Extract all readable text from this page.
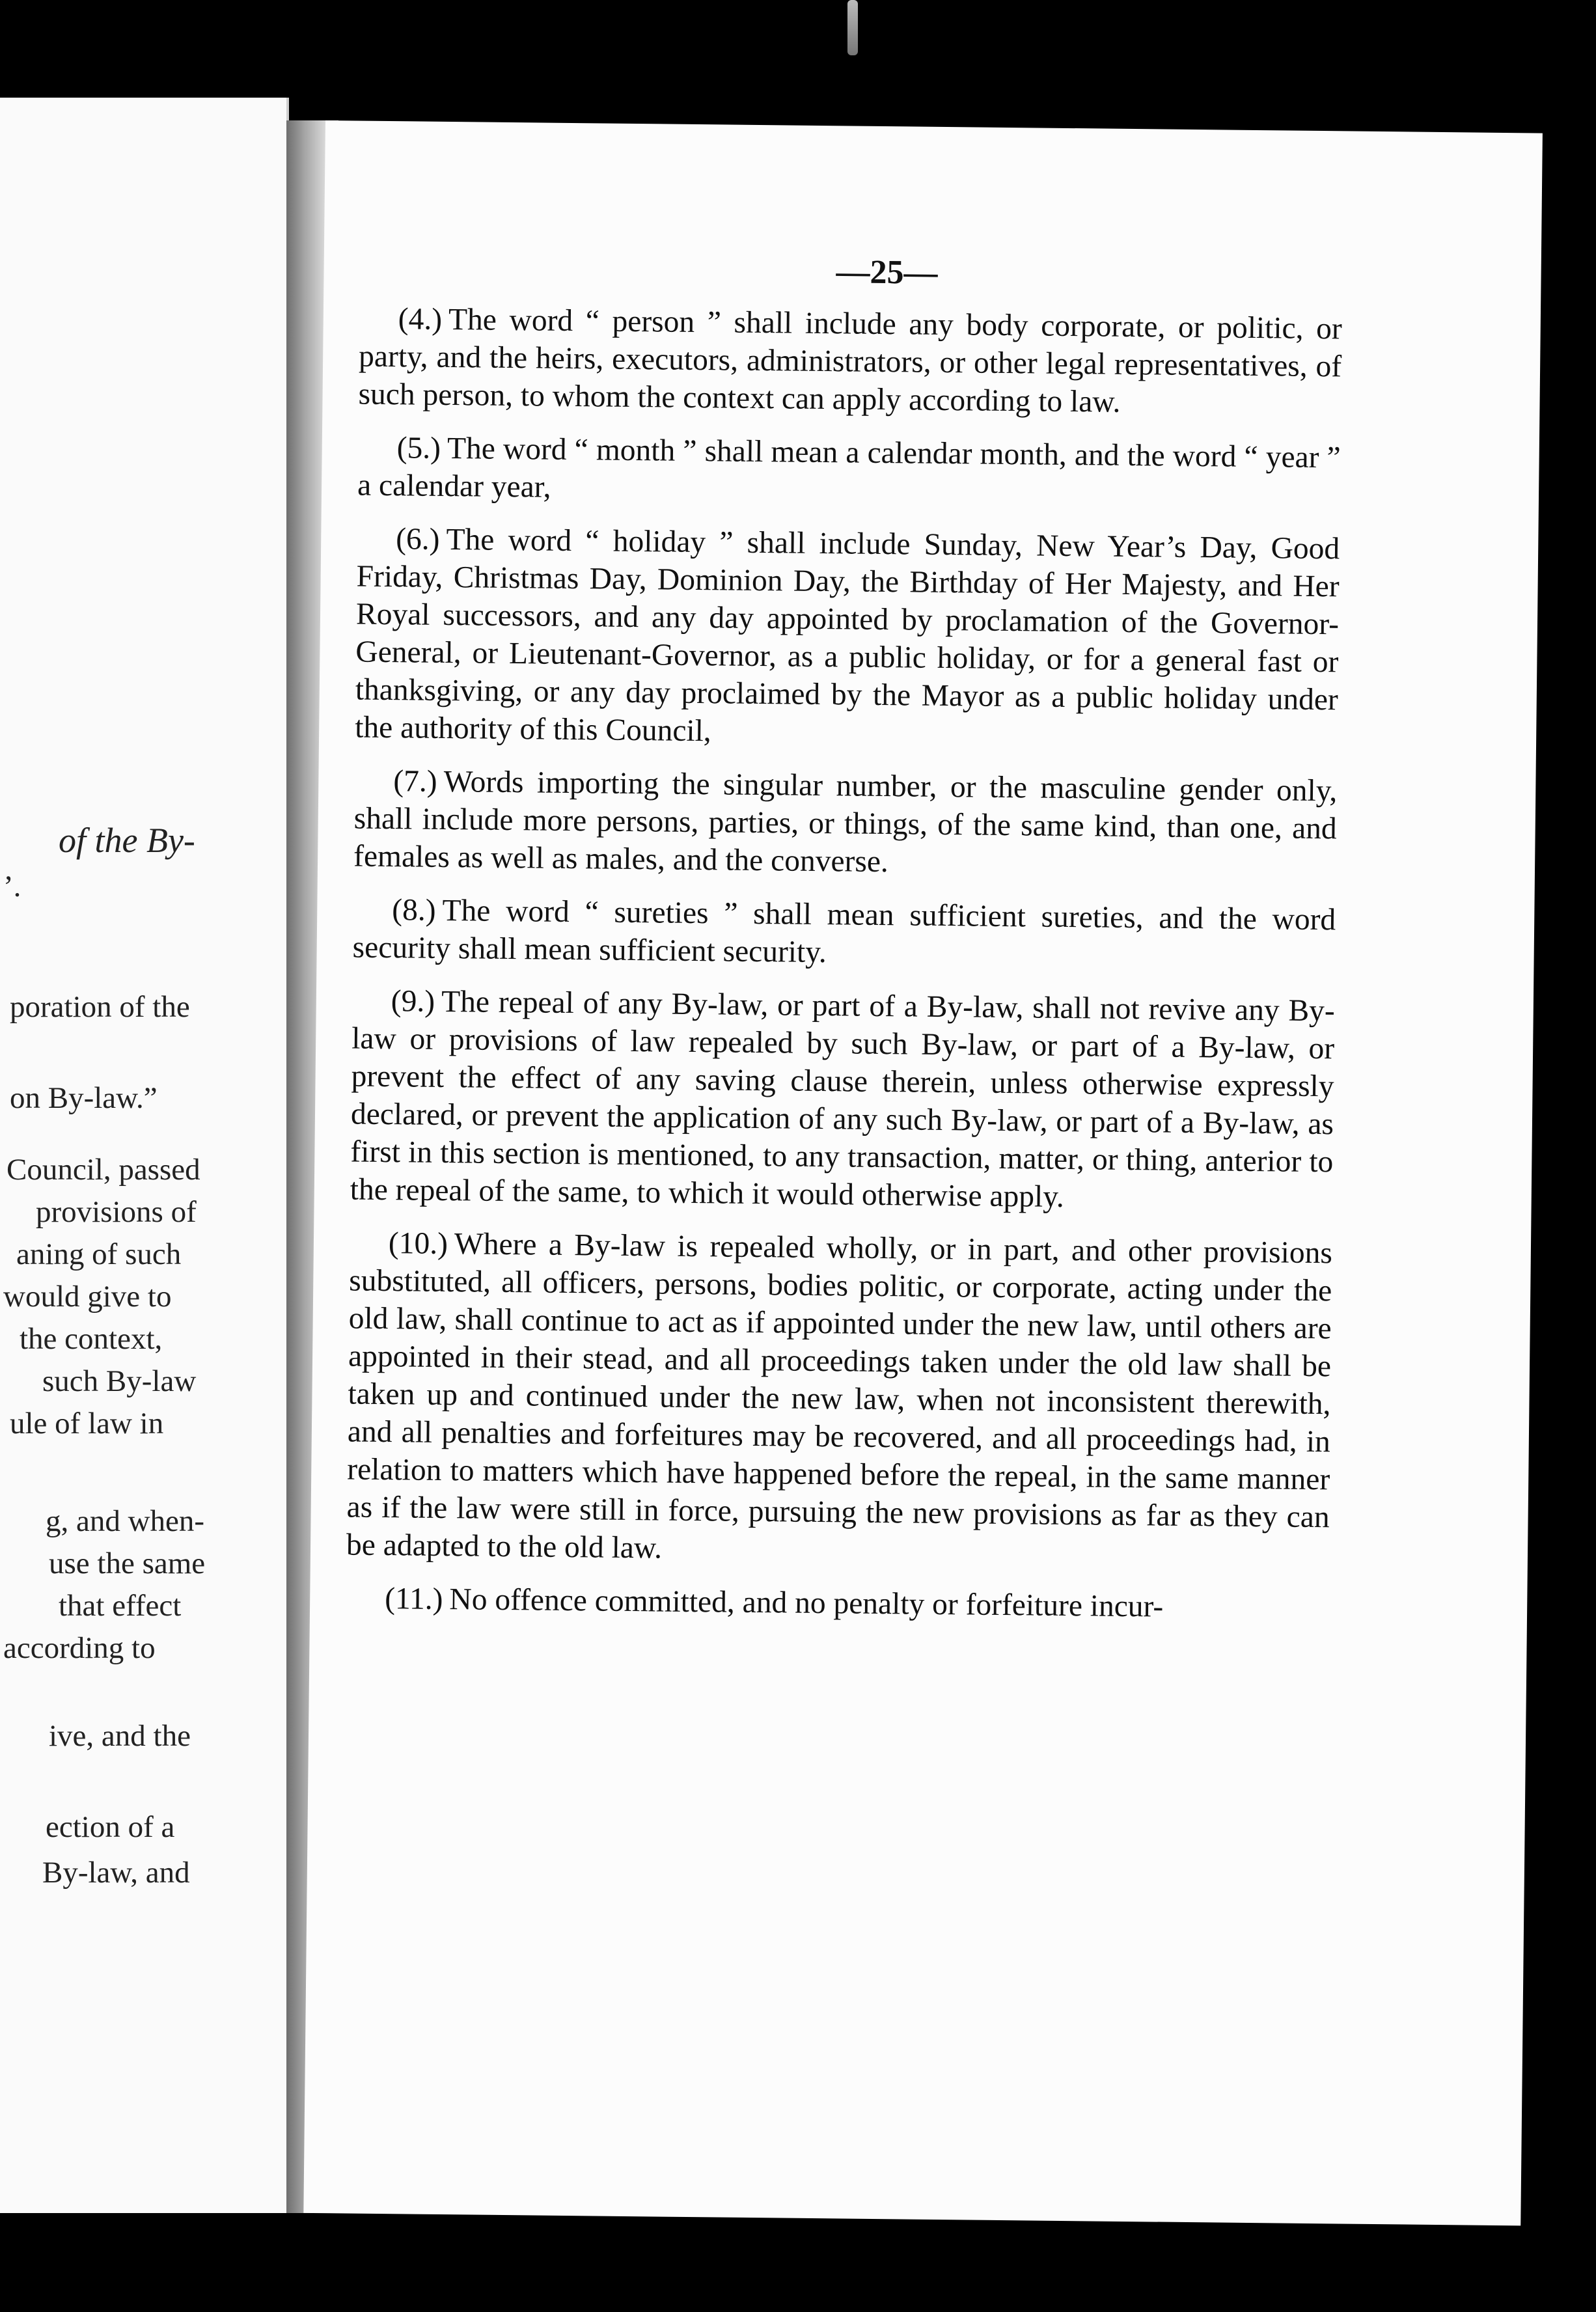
of the By-
’.
poration of the
on By-law.”
Council, passed
provisions of
aning of such
would give to
the context,
such By-law
ule of law in
g, and when-
use the same
that effect
according to
ive, and the
ection of a
By-law, and
—25—

(4.) The word “ person ” shall include any body corporate, or politic, or party, and the heirs, executors, administrators, or other legal representatives, of such person, to whom the context can apply according to law.

(5.) The word “ month ” shall mean a calendar month, and the word “ year ” a calendar year,

(6.) The word “ holiday ” shall include Sunday, New Year’s Day, Good Friday, Christmas Day, Dominion Day, the Birthday of Her Majesty, and Her Royal successors, and any day appointed by proclamation of the Governor-General, or Lieutenant-Governor, as a public holiday, or for a general fast or thanksgiving, or any day proclaimed by the Mayor as a public holiday under the authority of this Council,

(7.) Words importing the singular number, or the masculine gender only, shall include more persons, parties, or things, of the same kind, than one, and females as well as males, and the converse.

(8.) The word “ sureties ” shall mean sufficient sureties, and the word security shall mean sufficient security.

(9.) The repeal of any By-law, or part of a By-law, shall not revive any By-law or provisions of law repealed by such By-law, or part of a By-law, or prevent the effect of any saving clause therein, unless otherwise expressly declared, or prevent the application of any such By-law, or part of a By-law, as first in this section is mentioned, to any transaction, matter, or thing, anterior to the repeal of the same, to which it would otherwise apply.

(10.) Where a By-law is repealed wholly, or in part, and other provisions substituted, all officers, persons, bodies politic, or corporate, acting under the old law, shall continue to act as if appointed under the new law, until others are appointed in their stead, and all proceedings taken under the old law shall be taken up and continued under the new law, when not inconsistent therewith, and all penalties and forfeitures may be recovered, and all proceedings had, in relation to matters which have happened before the repeal, in the same manner as if the law were still in force, pursuing the new provisions as far as they can be adapted to the old law.

(11.) No offence committed, and no penalty or forfeiture incur-
